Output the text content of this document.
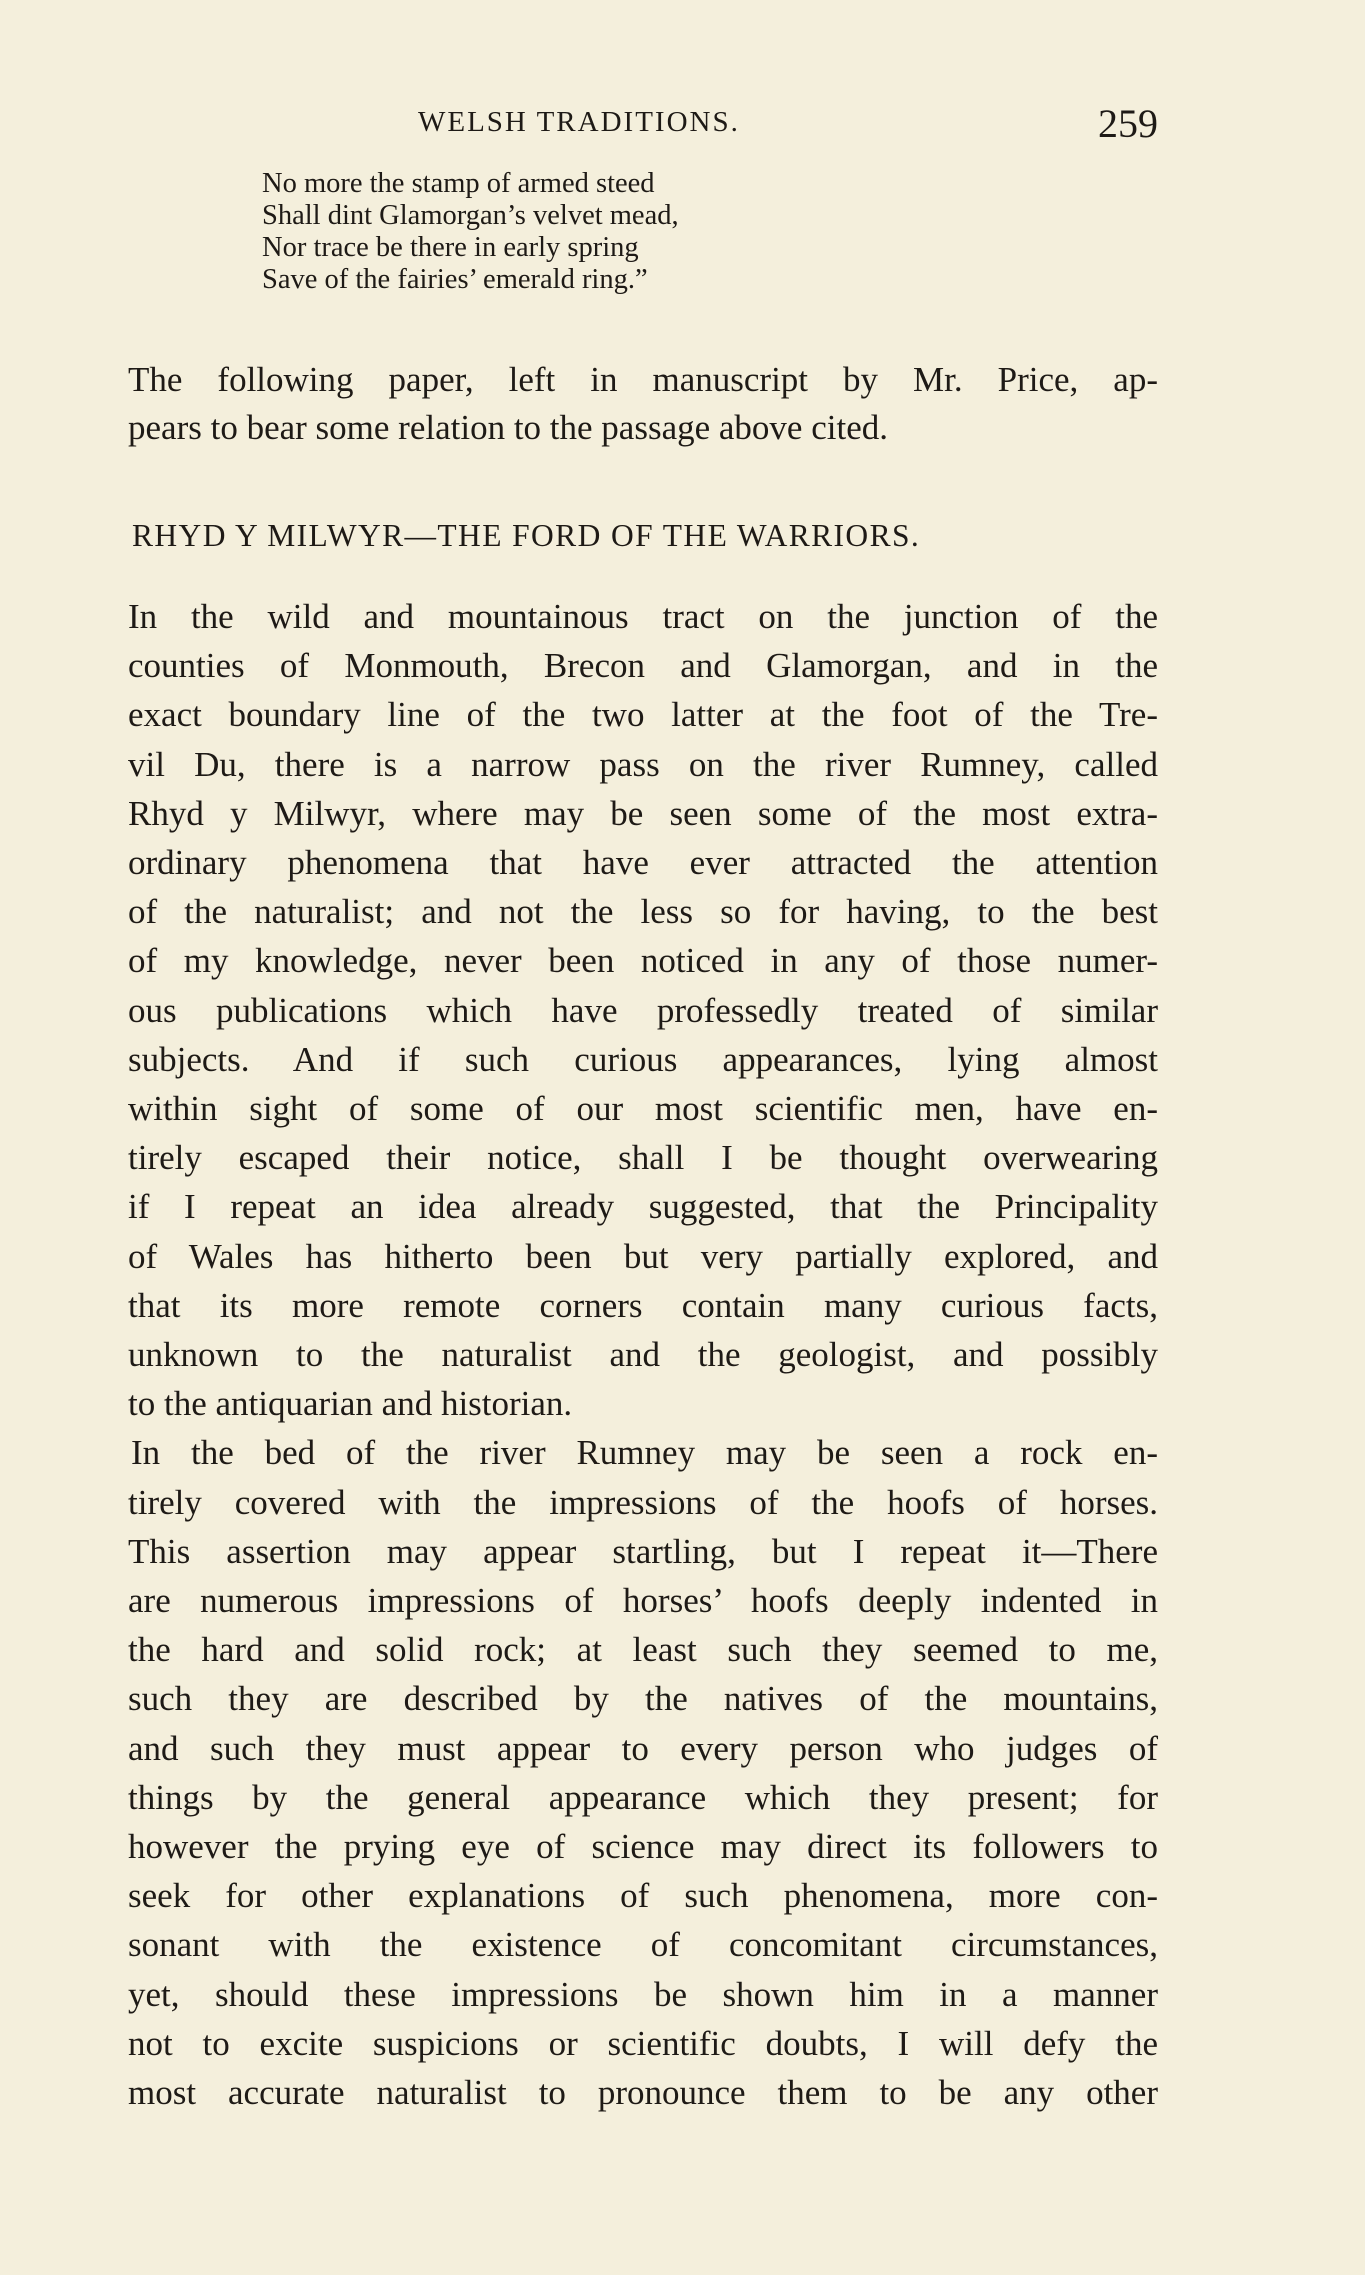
WELSH TRADITIONS.	259
No more the stamp of armed steed
Shall dint Glamorgan’s velvet mead,
Nor trace be there in early spring
Save of the fairies’ emerald ring.”
The following paper, left in manuscript by Mr. Price, ap-
pears to bear some relation to the passage above cited.
RHYD Y MILWYR—THE FORD OF THE WARRIORS.
In the wild and mountainous tract on the junction of the
counties of Monmouth, Brecon and Glamorgan, and in the
exact boundary line of the two latter at the foot of the Tre-
vil Du, there is a narrow pass on the river Rumney, called
Rhyd y Milwyr, where may be seen some of the most extra-
ordinary phenomena that have ever attracted the attention
of the naturalist; and not the less so for having, to the best
of my knowledge, never been noticed in any of those numer-
ous publications which have professedly treated of similar
subjects. And if such curious appearances, lying almost
within sight of some of our most scientific men, have en-
tirely escaped their notice, shall I be thought overwearing
if I repeat an idea already suggested, that the Principality
of Wales has hitherto been but very partially explored, and
that its more remote corners contain many curious facts,
unknown to the naturalist and the geologist, and possibly
to the antiquarian and historian.
In the bed of the river Rumney may be seen a rock en-
tirely covered with the impressions of the hoofs of horses.
This assertion may appear startling, but I repeat it—There
are numerous impressions of horses’ hoofs deeply indented in
the hard and solid rock; at least such they seemed to me,
such they are described by the natives of the mountains,
and such they must appear to every person who judges of
things by the general appearance which they present; for
however the prying eye of science may direct its followers to
seek for other explanations of such phenomena, more con-
sonant with the existence of concomitant circumstances,
yet, should these impressions be shown him in a manner
not to excite suspicions or scientific doubts, I will defy the
most accurate naturalist to pronounce them to be any other
